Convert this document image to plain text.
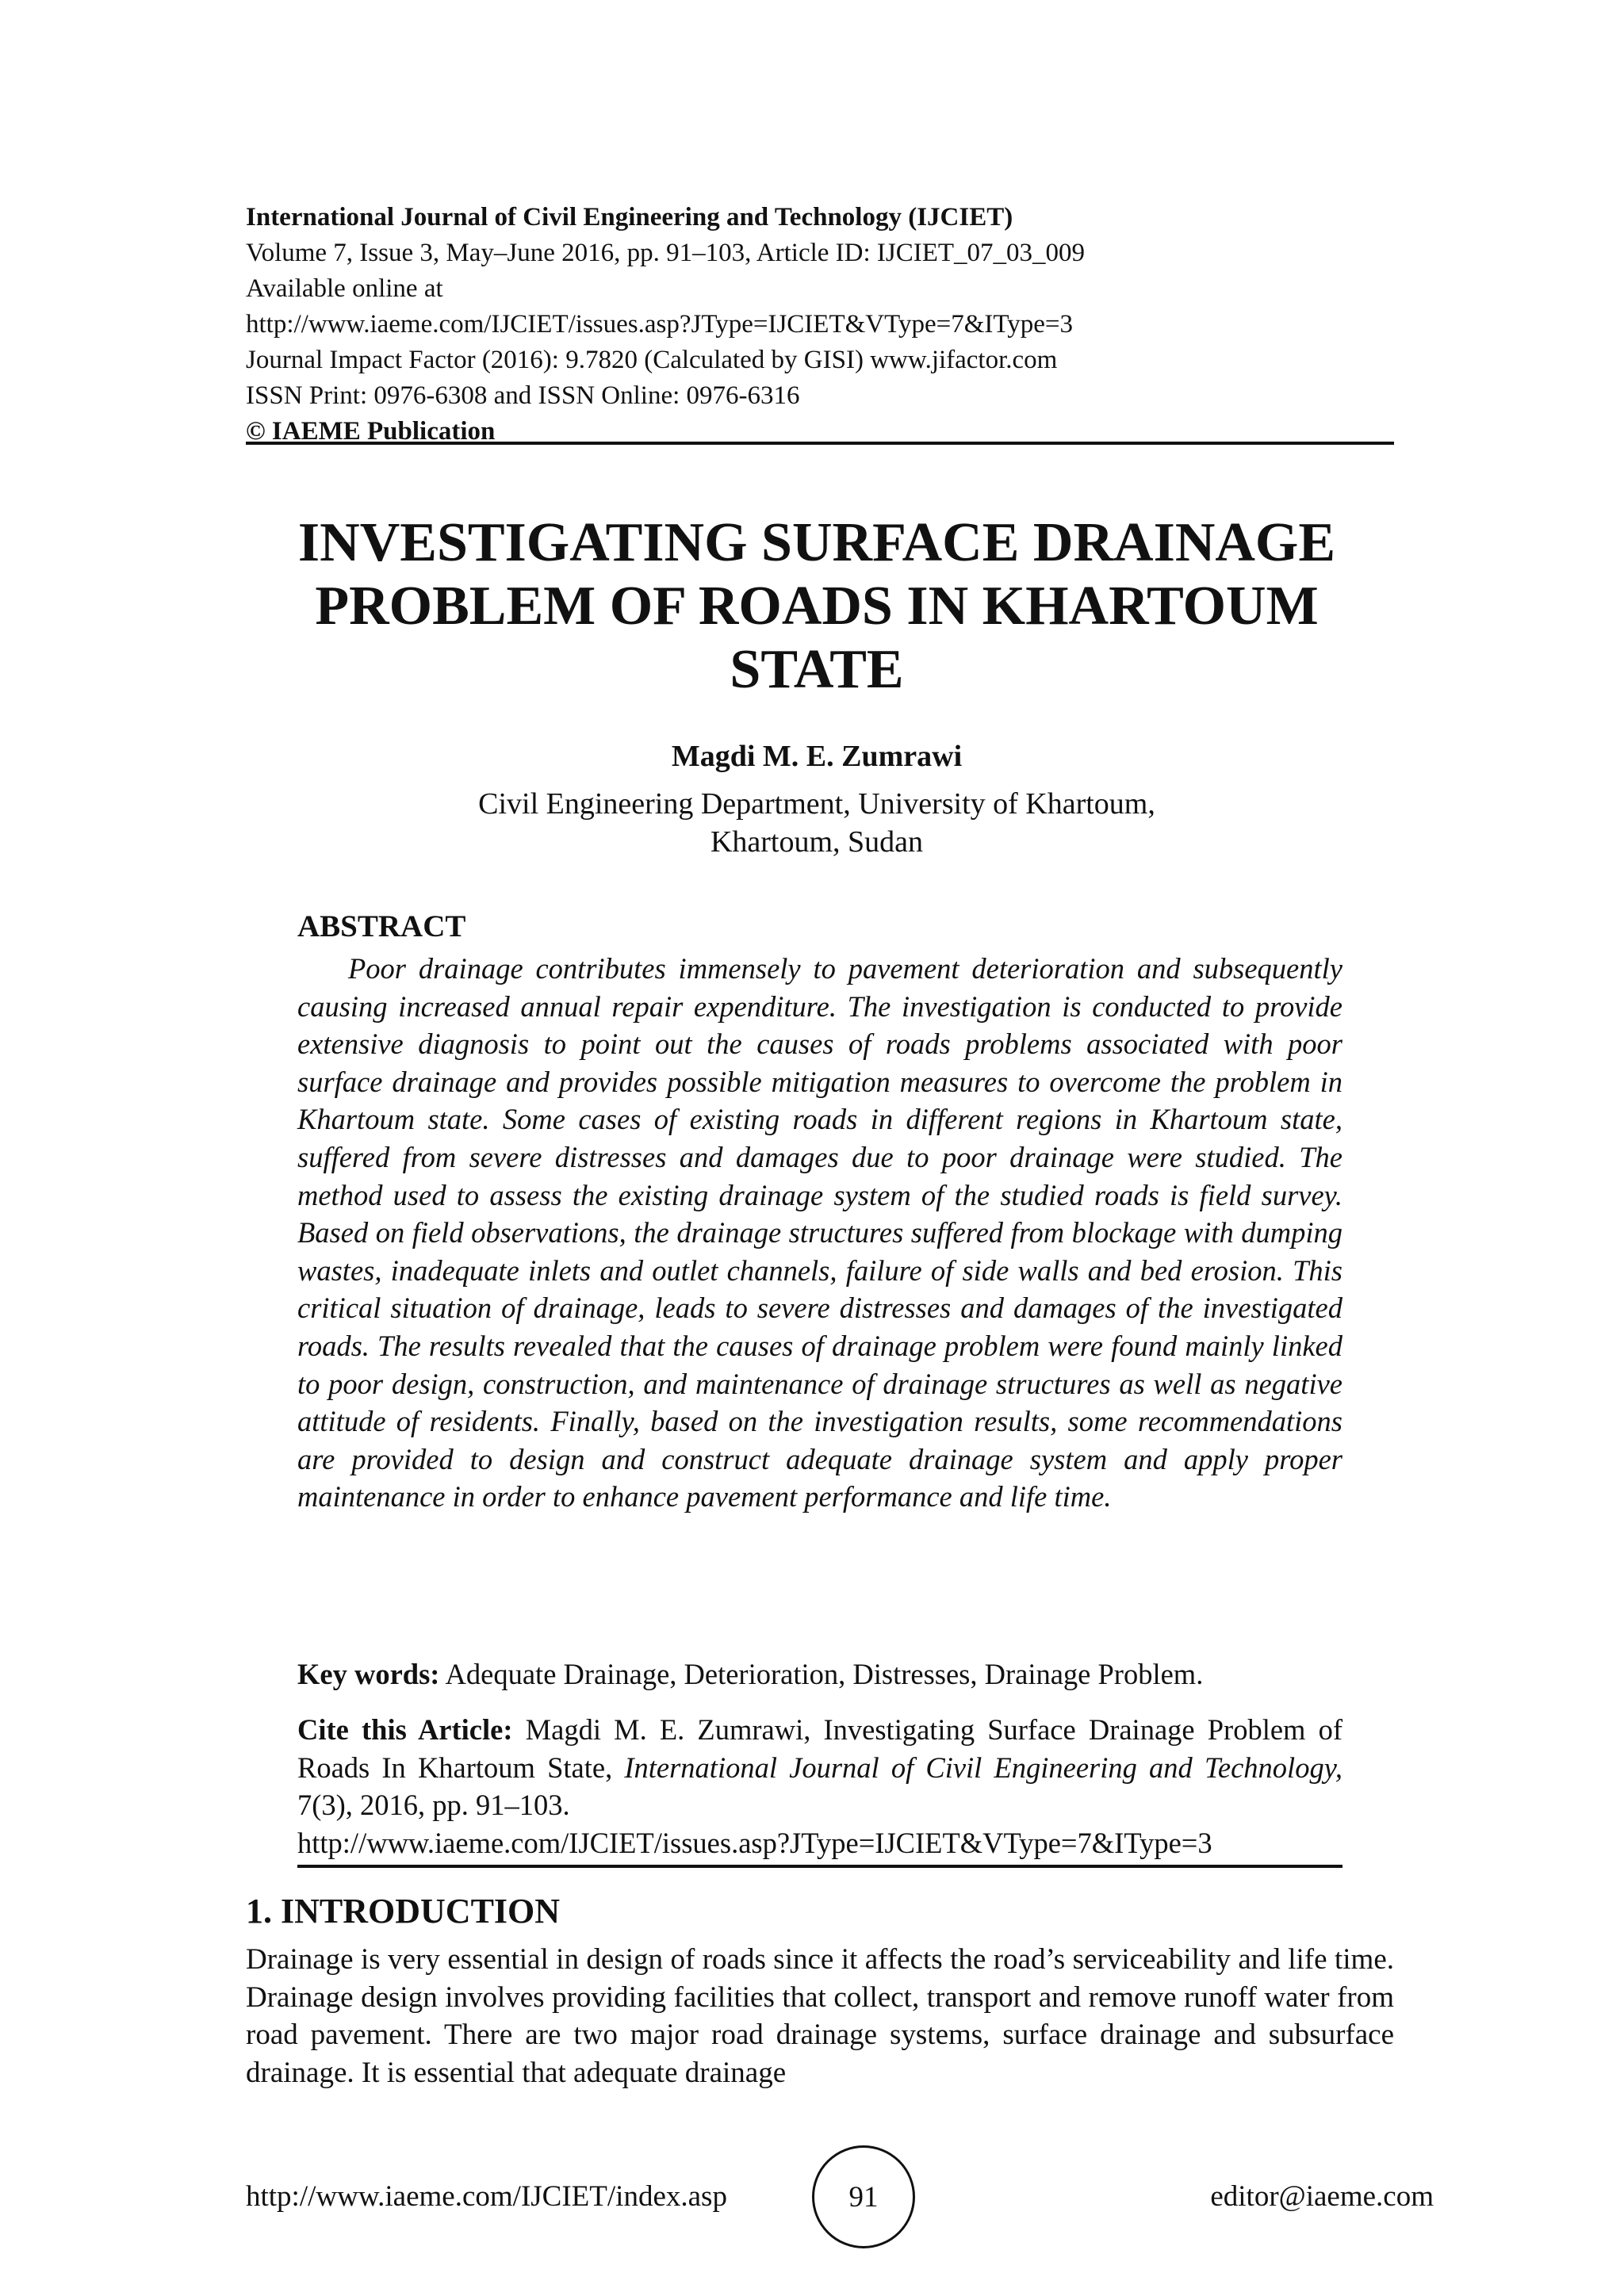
International Journal of Civil Engineering and Technology (IJCIET)
Volume 7, Issue 3, May–June 2016, pp. 91–103, Article ID: IJCIET_07_03_009
Available online at
http://www.iaeme.com/IJCIET/issues.asp?JType=IJCIET&VType=7&IType=3
Journal Impact Factor (2016): 9.7820 (Calculated by GISI) www.jifactor.com
ISSN Print: 0976-6308 and ISSN Online: 0976-6316
© IAEME Publication
INVESTIGATING SURFACE DRAINAGE
PROBLEM OF ROADS IN KHARTOUM
STATE
Magdi M. E. Zumrawi
Civil Engineering Department, University of Khartoum,
Khartoum, Sudan
ABSTRACT

Poor drainage contributes immensely to pavement deterioration and subsequently causing increased annual repair expenditure. The investigation is conducted to provide extensive diagnosis to point out the causes of roads problems associated with poor surface drainage and provides possible mitigation measures to overcome the problem in Khartoum state. Some cases of existing roads in different regions in Khartoum state, suffered from severe distresses and damages due to poor drainage were studied. The method used to assess the existing drainage system of the studied roads is field survey. Based on field observations, the drainage structures suffered from blockage with dumping wastes, inadequate inlets and outlet channels, failure of side walls and bed erosion. This critical situation of drainage, leads to severe distresses and damages of the investigated roads. The results revealed that the causes of drainage problem were found mainly linked to poor design, construction, and maintenance of drainage structures as well as negative attitude of residents. Finally, based on the investigation results, some recommendations are provided to design and construct adequate drainage system and apply proper maintenance in order to enhance pavement performance and life time.

Key words: Adequate Drainage, Deterioration, Distresses, Drainage Problem.

Cite this Article: Magdi M. E. Zumrawi, Investigating Surface Drainage Problem of Roads In Khartoum State, International Journal of Civil Engineering and Technology, 7(3), 2016, pp. 91–103.
http://www.iaeme.com/IJCIET/issues.asp?JType=IJCIET&VType=7&IType=3

1. INTRODUCTION

Drainage is very essential in design of roads since it affects the road’s serviceability and life time. Drainage design involves providing facilities that collect, transport and remove runoff water from road pavement. There are two major road drainage systems, surface drainage and subsurface drainage. It is essential that adequate drainage

http://www.iaeme.com/IJCIET/index.asp	91	editor@iaeme.com
